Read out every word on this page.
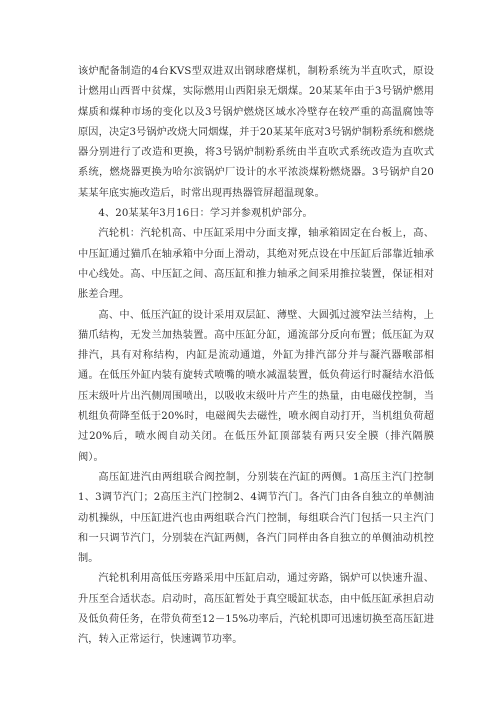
该炉配备制造的4台KVS型双进双出钢球磨煤机，制粉系统为半直吹式，原设计燃用山西晋中贫煤，实际燃用山西阳泉无烟煤。20某某年由于3号锅炉燃用煤质和煤种市场的变化以及3号锅炉燃烧区域水冷壁存在较严重的高温腐蚀等原因，决定3号锅炉改烧大同烟煤，并于20某某年底对3号锅炉制粉系统和燃烧器分别进行了改造和更换，将3号锅炉制粉系统由半直吹式系统改造为直吹式系统，燃烧器更换为哈尔滨锅炉厂设计的水平浓淡煤粉燃烧器。3号锅炉自20某某年底实施改造后，时常出现再热器管屏超温现象。

4、20某某年3月16日：学习并参观机炉部分。

汽轮机：汽轮机高、中压缸采用中分面支撑，轴承箱固定在台板上，高、中压缸通过猫爪在轴承箱中分面上滑动，其绝对死点设在中压缸后部靠近轴承中心线处。高、中压缸之间、高压缸和推力轴承之间采用推拉装置，保证相对胀差合理。

高、中、低压汽缸的设计采用双层缸、薄壁、大圆弧过渡窄法兰结构，上猫爪结构，无发兰加热装置。高中压缸分缸，通流部分反向布置；低压缸为双排汽，具有对称结构，内缸是流动通道，外缸为排汽部分并与凝汽器喉部相通。在低压外缸内装有旋转式喷嘴的喷水减温装置，低负荷运行时凝结水沿低压末级叶片出汽侧周围喷出，以吸收末级叶片产生的热量，由电磁伐控制，当机组负荷降至低于20%时，电磁阀失去磁性，喷水阀自动打开，当机组负荷超过20%后，喷水阀自动关闭。在低压外缸顶部装有两只安全膜（排汽隔膜阀）。

高压缸进汽由两组联合阀控制，分别装在汽缸的两侧。1高压主汽门控制1、3调节汽门；2高压主汽门控制2、4调节汽门。各汽门由各自独立的单侧油动机操纵，中压缸进汽也由两组联合汽门控制，每组联合汽门包括一只主汽门和一只调节汽门，分别装在汽缸两侧，各汽门同样由各自独立的单侧油动机控制。

汽轮机利用高低压旁路采用中压缸启动，通过旁路，锅炉可以快速升温、升压至合适状态。启动时，高压缸暂处于真空暖缸状态，由中低压缸承担启动及低负荷任务，在带负荷至12－15%功率后，汽轮机即可迅速切换至高压缸进汽，转入正常运行，快速调节功率。
